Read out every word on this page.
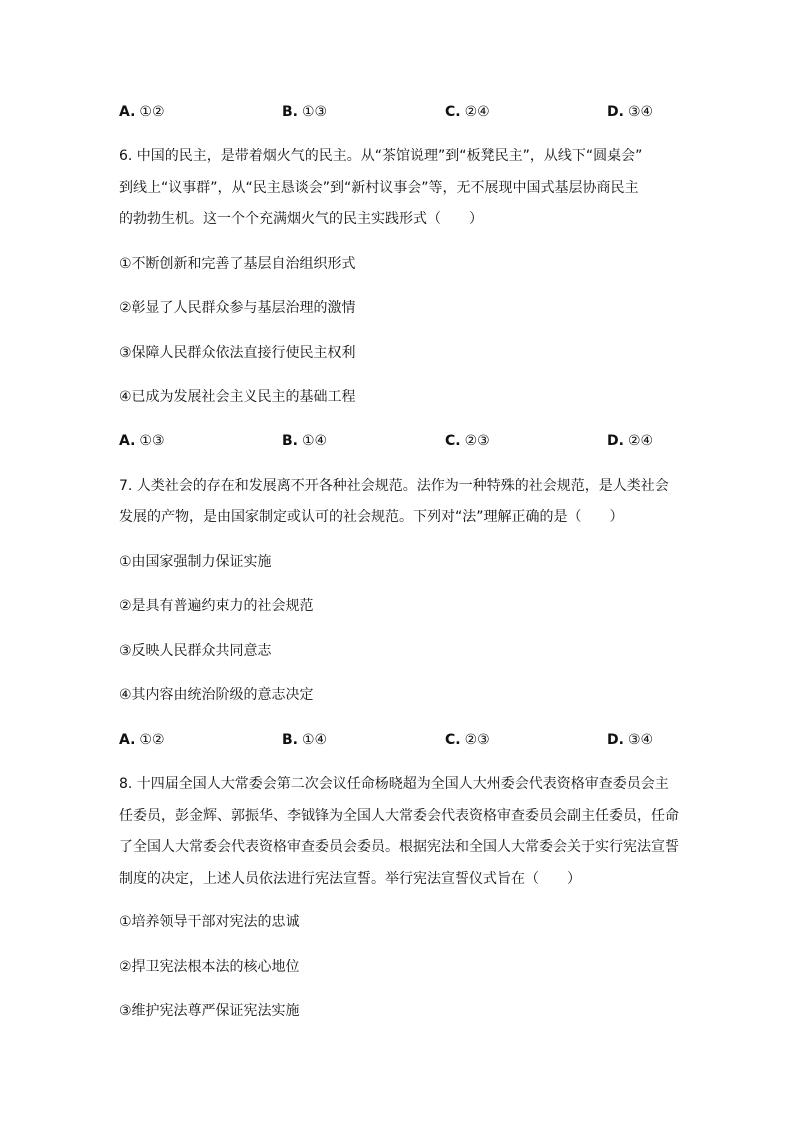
A. ①②	B. ①③	C. ②④	D. ③④
6. 中国的民主，是带着烟火气的民主。从“茶馆说理”到“板凳民主”，从线下“圆桌会”
到线上“议事群”，从“民主恳谈会”到“新村议事会”等，无不展现中国式基层协商民主
的勃勃生机。这一个个充满烟火气的民主实践形式（　　）
①不断创新和完善了基层自治组织形式
②彰显了人民群众参与基层治理的激情
③保障人民群众依法直接行使民主权利
④已成为发展社会主义民主的基础工程
A. ①③	B. ①④	C. ②③	D. ②④
7. 人类社会的存在和发展离不开各种社会规范。法作为一种特殊的社会规范，是人类社会
发展的产物，是由国家制定或认可的社会规范。下列对“法”理解正确的是（　　）
①由国家强制力保证实施
②是具有普遍约束力的社会规范
③反映人民群众共同意志
④其内容由统治阶级的意志决定
A. ①②	B. ①④	C. ②③	D. ③④
8. 十四届全国人大常委会第二次会议任命杨晓超为全国人大州委会代表资格审查委员会主
任委员，彭金辉、郭振华、李钺锋为全国人大常委会代表资格审查委员会副主任委员，任命
了全国人大常委会代表资格审查委员会委员。根据宪法和全国人大常委会关于实行宪法宣誓
制度的决定，上述人员依法进行宪法宣誓。举行宪法宣誓仪式旨在（　　）
①培养领导干部对宪法的忠诚
②捍卫宪法根本法的核心地位
③维护宪法尊严保证宪法实施
